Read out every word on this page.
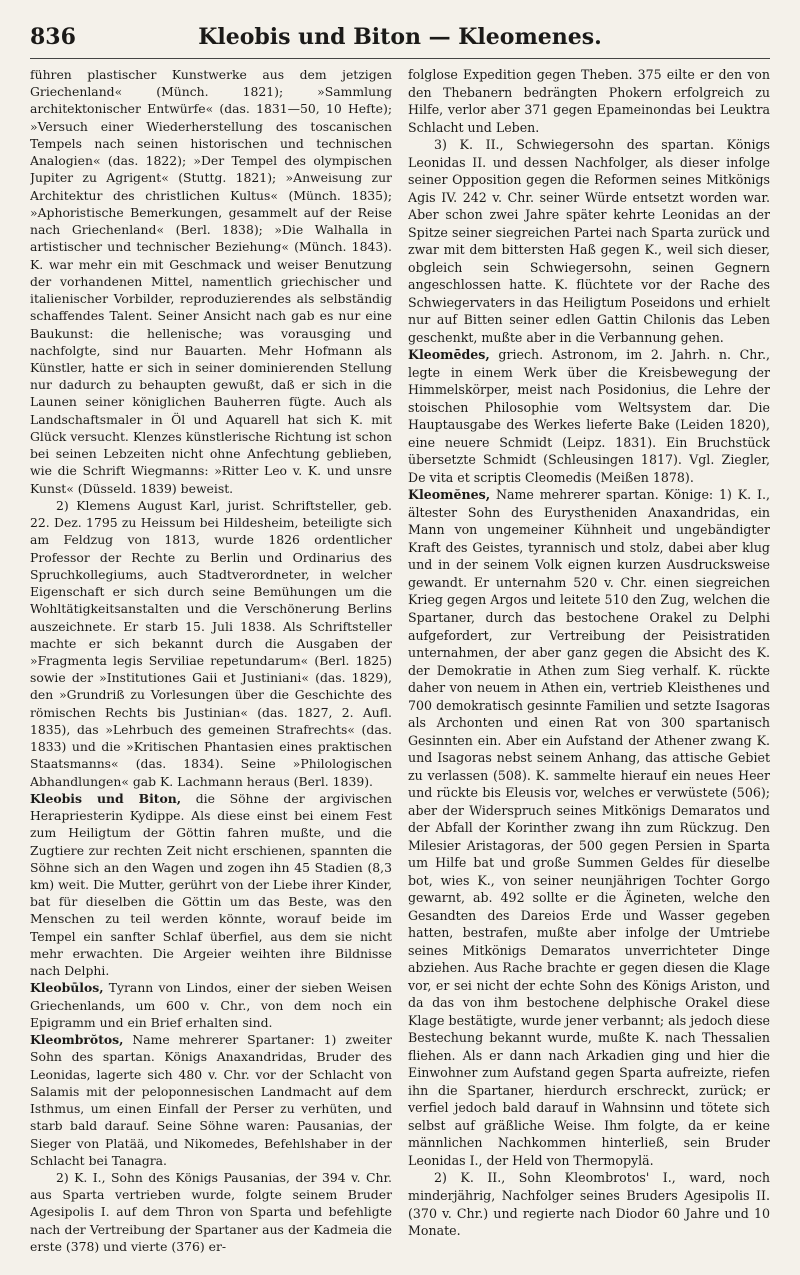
836	Kleobis und Biton — Kleomenes.

führen plastischer Kunstwerke aus dem jetzigen Griechenland« (Münch. 1821); »Sammlung architektonischer Entwürfe« (das. 1831—50, 10 Hefte); »Versuch einer Wiederherstellung des toscanischen Tempels nach seinen historischen und technischen Analogien« (das. 1822); »Der Tempel des olympischen Jupiter zu Agrigent« (Stuttg. 1821); »Anweisung zur Architektur des christlichen Kultus« (Münch. 1835); »Aphoristische Bemerkungen, gesammelt auf der Reise nach Griechenland« (Berl. 1838); »Die Walhalla in artistischer und technischer Beziehung« (Münch. 1843). K. war mehr ein mit Geschmack und weiser Benutzung der vorhandenen Mittel, namentlich griechischer und italienischer Vorbilder, reproduzierendes als selbständig schaffendes Talent. Seiner Ansicht nach gab es nur eine Baukunst: die hellenische; was vorausging und nachfolgte, sind nur Bauarten. Mehr Hofmann als Künstler, hatte er sich in seiner dominierenden Stellung nur dadurch zu behaupten gewußt, daß er sich in die Launen seiner königlichen Bauherren fügte. Auch als Landschaftsmaler in Öl und Aquarell hat sich K. mit Glück versucht. Klenzes künstlerische Richtung ist schon bei seinen Lebzeiten nicht ohne Anfechtung geblieben, wie die Schrift Wiegmanns: »Ritter Leo v. K. und unsre Kunst« (Düsseld. 1839) beweist.

2) Klemens August Karl, jurist. Schriftsteller, geb. 22. Dez. 1795 zu Heissum bei Hildesheim, beteiligte sich am Feldzug von 1813, wurde 1826 ordentlicher Professor der Rechte zu Berlin und Ordinarius des Spruchkollegiums, auch Stadtverordneter, in welcher Eigenschaft er sich durch seine Bemühungen um die Wohltätigkeitsanstalten und die Verschönerung Berlins auszeichnete. Er starb 15. Juli 1838. Als Schriftsteller machte er sich bekannt durch die Ausgaben der »Fragmenta legis Serviliae repetundarum« (Berl. 1825) sowie der »Institutiones Gaii et Justiniani« (das. 1829), den »Grundriß zu Vorlesungen über die Geschichte des römischen Rechts bis Justinian« (das. 1827, 2. Aufl. 1835), das »Lehrbuch des gemeinen Strafrechts« (das. 1833) und die »Kritischen Phantasien eines praktischen Staatsmanns« (das. 1834). Seine »Philologischen Abhandlungen« gab K. Lachmann heraus (Berl. 1839).

Kleobis und Biton, die Söhne der argivischen Herapriesterin Kydippe. Als diese einst bei einem Fest zum Heiligtum der Göttin fahren mußte, und die Zugtiere zur rechten Zeit nicht erschienen, spannten die Söhne sich an den Wagen und zogen ihn 45 Stadien (8,3 km) weit. Die Mutter, gerührt von der Liebe ihrer Kinder, bat für dieselben die Göttin um das Beste, was den Menschen zu teil werden könnte, worauf beide im Tempel ein sanfter Schlaf überfiel, aus dem sie nicht mehr erwachten. Die Argeier weihten ihre Bildnisse nach Delphi.

Kleobūlos, Tyrann von Lindos, einer der sieben Weisen Griechenlands, um 600 v. Chr., von dem noch ein Epigramm und ein Brief erhalten sind.

Kleombrŏtos, Name mehrerer Spartaner: 1) zweiter Sohn des spartan. Königs Anaxandridas, Bruder des Leonidas, lagerte sich 480 v. Chr. vor der Schlacht von Salamis mit der peloponnesischen Landmacht auf dem Isthmus, um einen Einfall der Perser zu verhüten, und starb bald darauf. Seine Söhne waren: Pausanias, der Sieger von Platää, und Nikomedes, Befehlshaber in der Schlacht bei Tanagra.

2) K. I., Sohn des Königs Pausanias, der 394 v. Chr. aus Sparta vertrieben wurde, folgte seinem Bruder Agesipolis I. auf dem Thron von Sparta und befehligte nach der Vertreibung der Spartaner aus der Kadmeia die erste (378) und vierte (376) er-

folglose Expedition gegen Theben. 375 eilte er den von den Thebanern bedrängten Phokern erfolgreich zu Hilfe, verlor aber 371 gegen Epameinondas bei Leuktra Schlacht und Leben.

3) K. II., Schwiegersohn des spartan. Königs Leonidas II. und dessen Nachfolger, als dieser infolge seiner Opposition gegen die Reformen seines Mitkönigs Agis IV. 242 v. Chr. seiner Würde entsetzt worden war. Aber schon zwei Jahre später kehrte Leonidas an der Spitze seiner siegreichen Partei nach Sparta zurück und zwar mit dem bittersten Haß gegen K., weil sich dieser, obgleich sein Schwiegersohn, seinen Gegnern angeschlossen hatte. K. flüchtete vor der Rache des Schwiegervaters in das Heiligtum Poseidons und erhielt nur auf Bitten seiner edlen Gattin Chilonis das Leben geschenkt, mußte aber in die Verbannung gehen.

Kleomēdes, griech. Astronom, im 2. Jahrh. n. Chr., legte in einem Werk über die Kreisbewegung der Himmelskörper, meist nach Posidonius, die Lehre der stoischen Philosophie vom Weltsystem dar. Die Hauptausgabe des Werkes lieferte Bake (Leiden 1820), eine neuere Schmidt (Leipz. 1831). Ein Bruchstück übersetzte Schmidt (Schleusingen 1817). Vgl. Ziegler, De vita et scriptis Cleomedis (Meißen 1878).

Kleomĕnes, Name mehrerer spartan. Könige: 1) K. I., ältester Sohn des Eurystheniden Anaxandridas, ein Mann von ungemeiner Kühnheit und ungebändigter Kraft des Geistes, tyrannisch und stolz, dabei aber klug und in der seinem Volk eignen kurzen Ausdrucksweise gewandt. Er unternahm 520 v. Chr. einen siegreichen Krieg gegen Argos und leitete 510 den Zug, welchen die Spartaner, durch das bestochene Orakel zu Delphi aufgefordert, zur Vertreibung der Peisistratiden unternahmen, der aber ganz gegen die Absicht des K. der Demokratie in Athen zum Sieg verhalf. K. rückte daher von neuem in Athen ein, vertrieb Kleisthenes und 700 demokratisch gesinnte Familien und setzte Isagoras als Archonten und einen Rat von 300 spartanisch Gesinnten ein. Aber ein Aufstand der Athener zwang K. und Isagoras nebst seinem Anhang, das attische Gebiet zu verlassen (508). K. sammelte hierauf ein neues Heer und rückte bis Eleusis vor, welches er verwüstete (506); aber der Widerspruch seines Mitkönigs Demaratos und der Abfall der Korinther zwang ihn zum Rückzug. Den Milesier Aristagoras, der 500 gegen Persien in Sparta um Hilfe bat und große Summen Geldes für dieselbe bot, wies K., von seiner neunjährigen Tochter Gorgo gewarnt, ab. 492 sollte er die Ägineten, welche den Gesandten des Dareios Erde und Wasser gegeben hatten, bestrafen, mußte aber infolge der Umtriebe seines Mitkönigs Demaratos unverrichteter Dinge abziehen. Aus Rache brachte er gegen diesen die Klage vor, er sei nicht der echte Sohn des Königs Ariston, und da das von ihm bestochene delphische Orakel diese Klage bestätigte, wurde jener verbannt; als jedoch diese Bestechung bekannt wurde, mußte K. nach Thessalien fliehen. Als er dann nach Arkadien ging und hier die Einwohner zum Aufstand gegen Sparta aufreizte, riefen ihn die Spartaner, hierdurch erschreckt, zurück; er verfiel jedoch bald darauf in Wahnsinn und tötete sich selbst auf gräßliche Weise. Ihm folgte, da er keine männlichen Nachkommen hinterließ, sein Bruder Leonidas I., der Held von Thermopylä.

2) K. II., Sohn Kleombrotos' I., ward, noch minderjährig, Nachfolger seines Bruders Agesipolis II. (370 v. Chr.) und regierte nach Diodor 60 Jahre und 10 Monate.
